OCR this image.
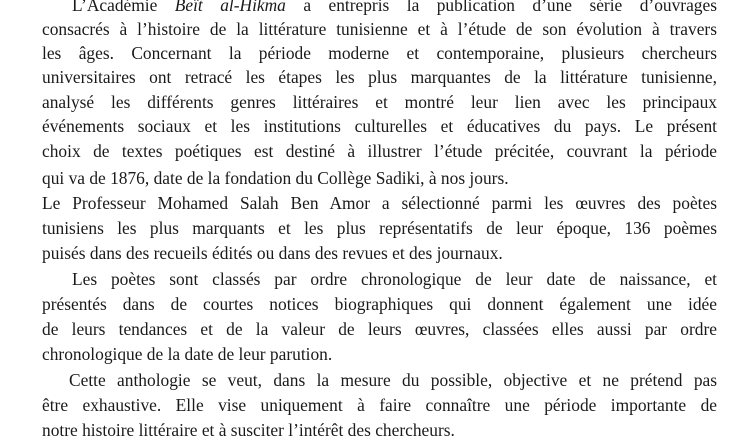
L’Académie Beït al-Hikma a entrepris la publication d’une série d’ouvrages
consacrés à l’histoire de la littérature tunisienne et à l’étude de son évolution à travers
les âges. Concernant la période moderne et contemporaine, plusieurs chercheurs
universitaires ont retracé les étapes les plus marquantes de la littérature tunisienne,
analysé les différents genres littéraires et montré leur lien avec les principaux
événements sociaux et les institutions culturelles et éducatives du pays. Le présent
choix de textes poétiques est destiné à illustrer l’étude précitée, couvrant la période
qui va de 1876, date de la fondation du Collège Sadiki, à nos jours.
Le Professeur Mohamed Salah Ben Amor a sélectionné parmi les œuvres des poètes
tunisiens les plus marquants et les plus représentatifs de leur époque, 136 poèmes
puisés dans des recueils édités ou dans des revues et des journaux.
Les poètes sont classés par ordre chronologique de leur date de naissance, et
présentés dans de courtes notices biographiques qui donnent également une idée
de leurs tendances et de la valeur de leurs œuvres, classées elles aussi par ordre
chronologique de la date de leur parution.
Cette anthologie se veut, dans la mesure du possible, objective et ne prétend pas
être exhaustive. Elle vise uniquement à faire connaître une période importante de
notre histoire littéraire et à susciter l’intérêt des chercheurs.
